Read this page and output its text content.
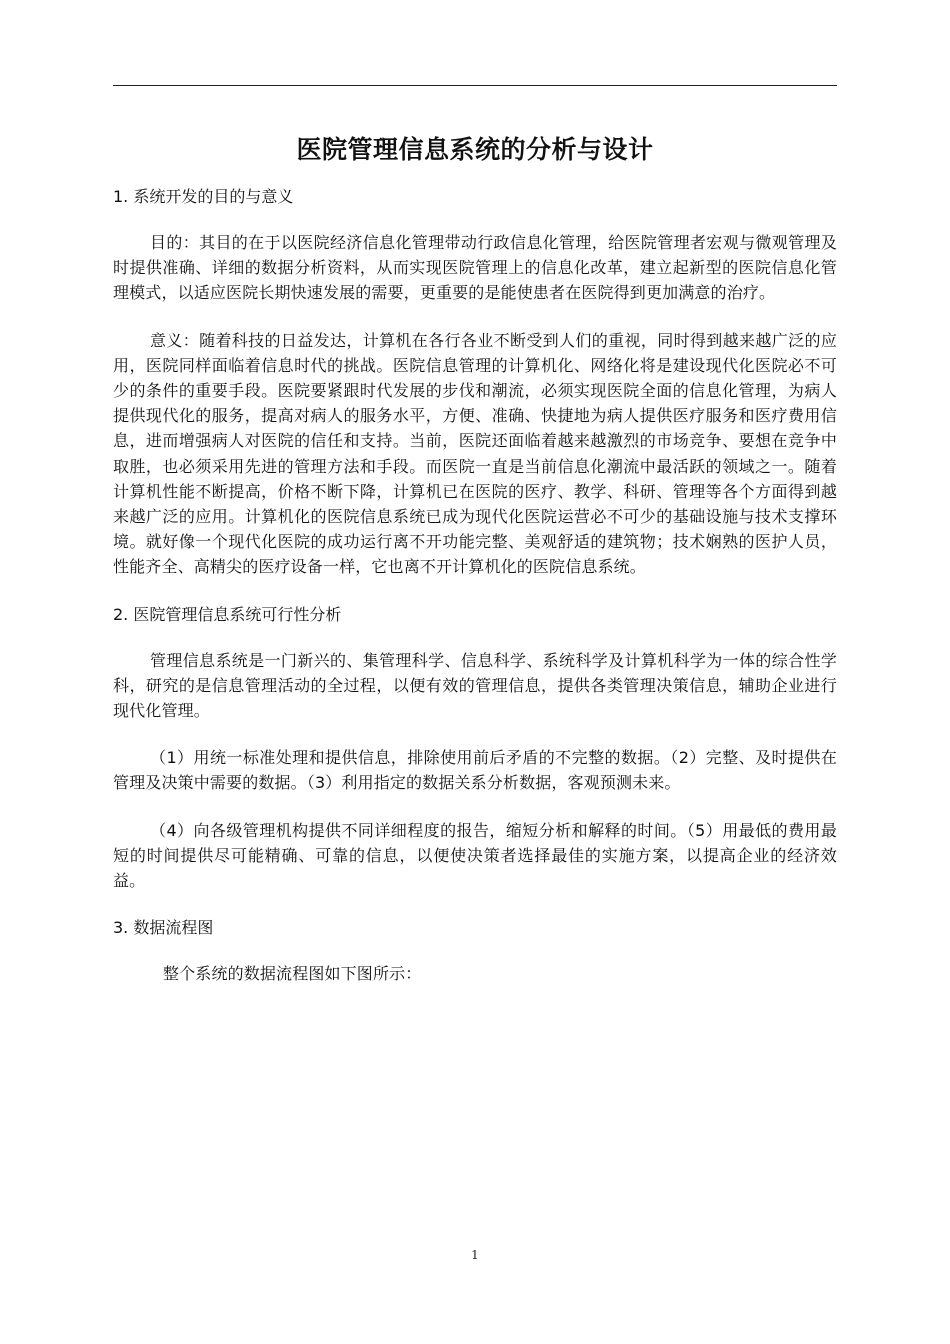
医院管理信息系统的分析与设计
1. 系统开发的目的与意义

目的：其目的在于以医院经济信息化管理带动行政信息化管理，给医院管理者宏观与微观管理及时提供准确、详细的数据分析资料，从而实现医院管理上的信息化改革，建立起新型的医院信息化管理模式，以适应医院长期快速发展的需要，更重要的是能使患者在医院得到更加满意的治疗。

意义：随着科技的日益发达，计算机在各行各业不断受到人们的重视，同时得到越来越广泛的应用，医院同样面临着信息时代的挑战。医院信息管理的计算机化、网络化将是建设现代化医院必不可少的条件的重要手段。医院要紧跟时代发展的步伐和潮流，必须实现医院全面的信息化管理，为病人提供现代化的服务，提高对病人的服务水平，方便、准确、快捷地为病人提供医疗服务和医疗费用信息，进而增强病人对医院的信任和支持。当前，医院还面临着越来越激烈的市场竞争、要想在竞争中取胜，也必须采用先进的管理方法和手段。而医院一直是当前信息化潮流中最活跃的领域之一。随着计算机性能不断提高，价格不断下降，计算机已在医院的医疗、教学、科研、管理等各个方面得到越来越广泛的应用。计算机化的医院信息系统已成为现代化医院运营必不可少的基础设施与技术支撑环境。就好像一个现代化医院的成功运行离不开功能完整、美观舒适的建筑物；技术娴熟的医护人员，性能齐全、高精尖的医疗设备一样，它也离不开计算机化的医院信息系统。

2. 医院管理信息系统可行性分析

管理信息系统是一门新兴的、集管理科学、信息科学、系统科学及计算机科学为一体的综合性学科，研究的是信息管理活动的全过程，以便有效的管理信息，提供各类管理决策信息，辅助企业进行现代化管理。

（1）用统一标准处理和提供信息，排除使用前后矛盾的不完整的数据。（2）完整、及时提供在管理及决策中需要的数据。（3）利用指定的数据关系分析数据，客观预测未来。

（4）向各级管理机构提供不同详细程度的报告，缩短分析和解释的时间。（5）用最低的费用最短的时间提供尽可能精确、可靠的信息，以便使决策者选择最佳的实施方案，以提高企业的经济效益。

3. 数据流程图

整个系统的数据流程图如下图所示：

1
